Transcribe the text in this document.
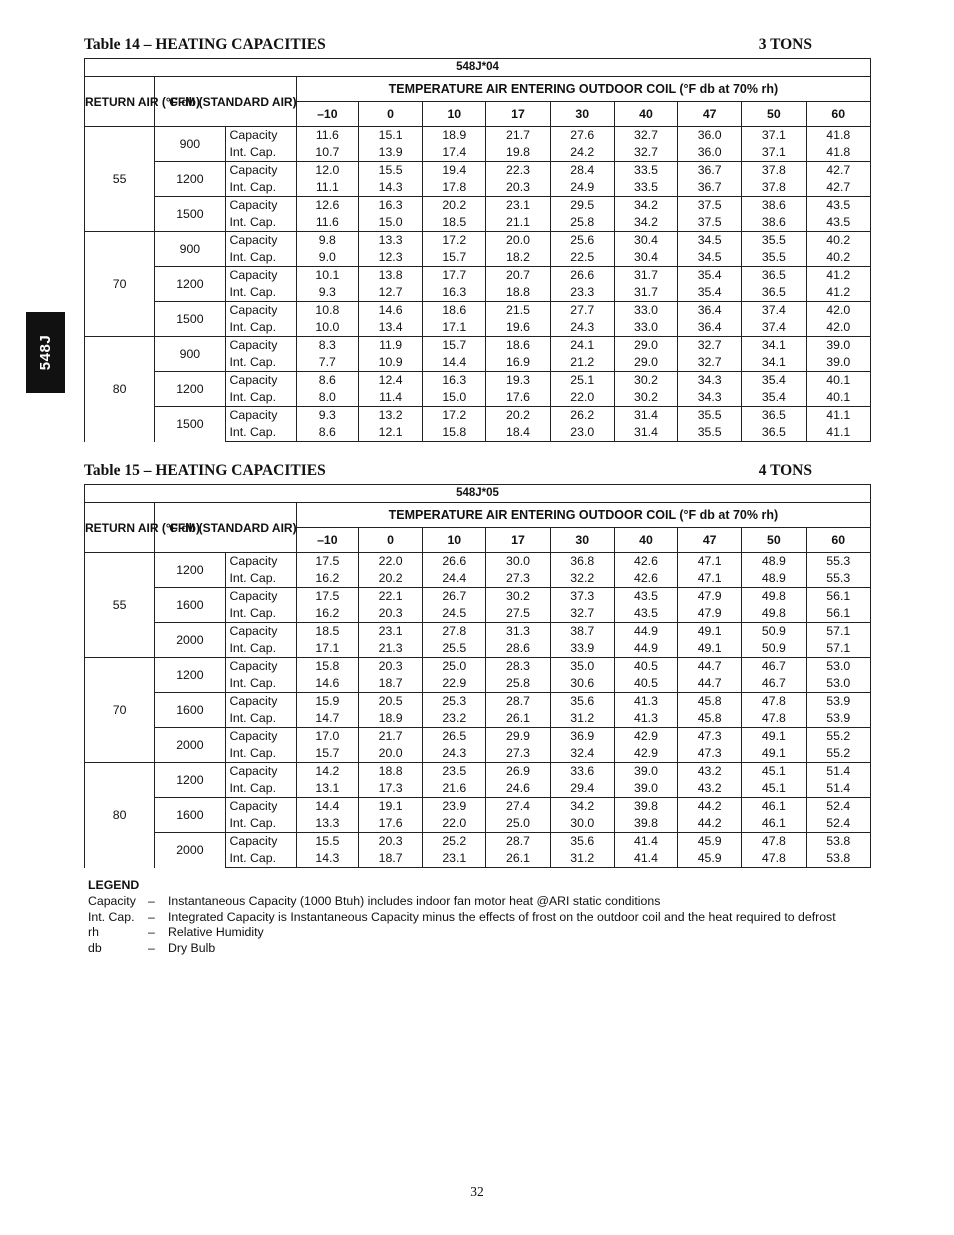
548J
Table 14 – HEATING CAPACITIES	3 TONS
548J*04											
RETURN AIR (°F db)	CFM (STANDARD AIR)		TEMPERATURE AIR ENTERING OUTDOOR COIL (°F db at 70% rh)								
			–10	0	10	17	30	40	47	50	60
55	900	Capacity	11.6	15.1	18.9	21.7	27.6	32.7	36.0	37.1	41.8
		Int. Cap.	10.7	13.9	17.4	19.8	24.2	32.7	36.0	37.1	41.8
	1200	Capacity	12.0	15.5	19.4	22.3	28.4	33.5	36.7	37.8	42.7
		Int. Cap.	11.1	14.3	17.8	20.3	24.9	33.5	36.7	37.8	42.7
	1500	Capacity	12.6	16.3	20.2	23.1	29.5	34.2	37.5	38.6	43.5
		Int. Cap.	11.6	15.0	18.5	21.1	25.8	34.2	37.5	38.6	43.5
70	900	Capacity	9.8	13.3	17.2	20.0	25.6	30.4	34.5	35.5	40.2
		Int. Cap.	9.0	12.3	15.7	18.2	22.5	30.4	34.5	35.5	40.2
	1200	Capacity	10.1	13.8	17.7	20.7	26.6	31.7	35.4	36.5	41.2
		Int. Cap.	9.3	12.7	16.3	18.8	23.3	31.7	35.4	36.5	41.2
	1500	Capacity	10.8	14.6	18.6	21.5	27.7	33.0	36.4	37.4	42.0
		Int. Cap.	10.0	13.4	17.1	19.6	24.3	33.0	36.4	37.4	42.0
80	900	Capacity	8.3	11.9	15.7	18.6	24.1	29.0	32.7	34.1	39.0
		Int. Cap.	7.7	10.9	14.4	16.9	21.2	29.0	32.7	34.1	39.0
	1200	Capacity	8.6	12.4	16.3	19.3	25.1	30.2	34.3	35.4	40.1
		Int. Cap.	8.0	11.4	15.0	17.6	22.0	30.2	34.3	35.4	40.1
	1500	Capacity	9.3	13.2	17.2	20.2	26.2	31.4	35.5	36.5	41.1
		Int. Cap.	8.6	12.1	15.8	18.4	23.0	31.4	35.5	36.5	41.1
Table 15 – HEATING CAPACITIES	4 TONS
548J*05											
RETURN AIR (°F db)	CFM (STANDARD AIR)		TEMPERATURE AIR ENTERING OUTDOOR COIL (°F db at 70% rh)								
			–10	0	10	17	30	40	47	50	60
55	1200	Capacity	17.5	22.0	26.6	30.0	36.8	42.6	47.1	48.9	55.3
		Int. Cap.	16.2	20.2	24.4	27.3	32.2	42.6	47.1	48.9	55.3
	1600	Capacity	17.5	22.1	26.7	30.2	37.3	43.5	47.9	49.8	56.1
		Int. Cap.	16.2	20.3	24.5	27.5	32.7	43.5	47.9	49.8	56.1
	2000	Capacity	18.5	23.1	27.8	31.3	38.7	44.9	49.1	50.9	57.1
		Int. Cap.	17.1	21.3	25.5	28.6	33.9	44.9	49.1	50.9	57.1
70	1200	Capacity	15.8	20.3	25.0	28.3	35.0	40.5	44.7	46.7	53.0
		Int. Cap.	14.6	18.7	22.9	25.8	30.6	40.5	44.7	46.7	53.0
	1600	Capacity	15.9	20.5	25.3	28.7	35.6	41.3	45.8	47.8	53.9
		Int. Cap.	14.7	18.9	23.2	26.1	31.2	41.3	45.8	47.8	53.9
	2000	Capacity	17.0	21.7	26.5	29.9	36.9	42.9	47.3	49.1	55.2
		Int. Cap.	15.7	20.0	24.3	27.3	32.4	42.9	47.3	49.1	55.2
80	1200	Capacity	14.2	18.8	23.5	26.9	33.6	39.0	43.2	45.1	51.4
		Int. Cap.	13.1	17.3	21.6	24.6	29.4	39.0	43.2	45.1	51.4
	1600	Capacity	14.4	19.1	23.9	27.4	34.2	39.8	44.2	46.1	52.4
		Int. Cap.	13.3	17.6	22.0	25.0	30.0	39.8	44.2	46.1	52.4
	2000	Capacity	15.5	20.3	25.2	28.7	35.6	41.4	45.9	47.8	53.8
		Int. Cap.	14.3	18.7	23.1	26.1	31.2	41.4	45.9	47.8	53.8
LEGEND
Capacity –	Instantaneous Capacity (1000 Btuh) includes indoor fan motor heat @ARI static conditions
Int. Cap.	–	Integrated Capacity is Instantaneous Capacity minus the effects of frost on the outdoor coil and the heat required to defrost
rh	–	Relative Humidity
db	–	Dry Bulb
32
